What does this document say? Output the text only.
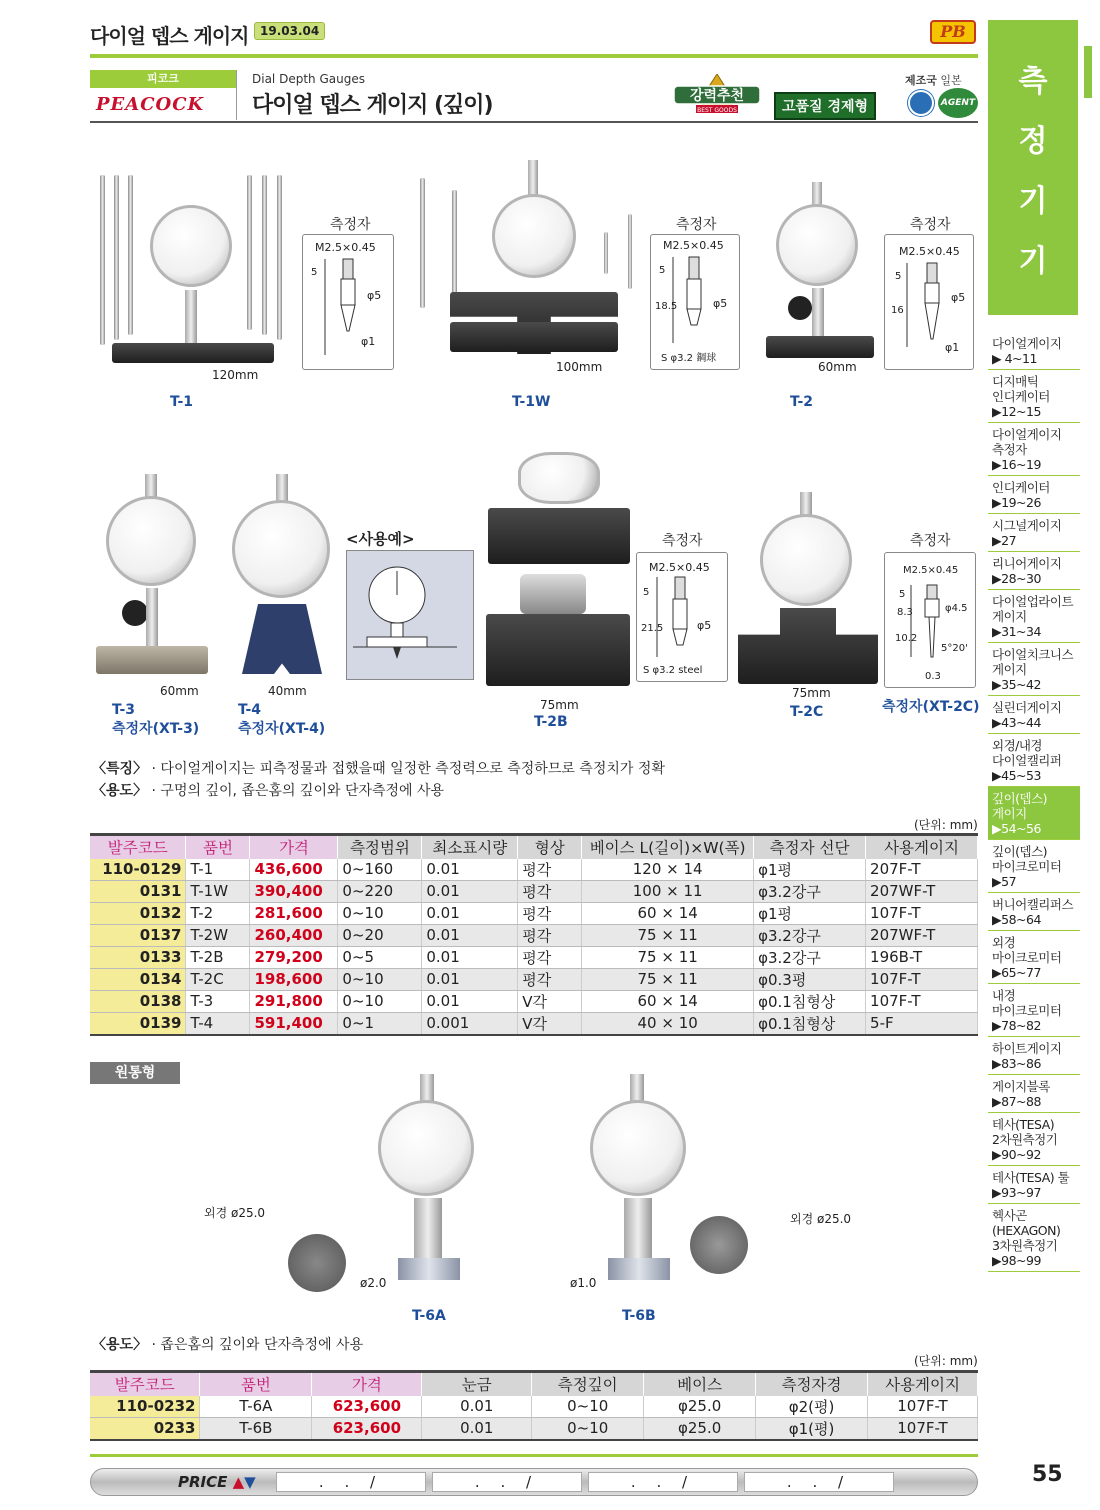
다이얼 뎁스 게이지 19.03.04	PB
피코크
PEACOCK
Dial Depth Gauges
다이얼 뎁스 게이지 (깊이)
제조국 일본
강력추천
BEST GOODS	고품질 경제형	AGENT
측
정
기
기
다이얼게이지
▶ 4~11
디지매틱
인디케이터
▶12~15
다이얼게이지
측정자
▶16~19
인디케이터
▶19~26
시그널게이지
▶27
리니어게이지
▶28~30
다이얼업라이트
게이지
▶31~34
다이얼치크니스
게이지
▶35~42
실린더게이지
▶43~44
외경/내경
다이얼캘리퍼
▶45~53
깊이(뎁스)
게이지
▶54~56
깊이(뎁스)
마이크로미터
▶57
버니어캘리퍼스
▶58~64
외경
마이크로미터
▶65~77
내경
마이크로미터
▶78~82
하이트게이지
▶83~86
게이지블록
▶87~88
테사(TESA)
2차원측정기
▶90~92
테사(TESA) 툴
▶93~97
헥사곤(HEXAGON)
3차원측정기
▶98~99
120mm
T-1
측정자
M2.5×0.45
5
φ5
φ1
100mm
T-1W
측정자
M2.5×0.45
5
18.5	φ5
S φ3.2 鋼球
60mm
T-2
측정자
M2.5×0.45
5
16
φ5
φ1
60mm
T-3
측정자(XT-3)
40mm
T-4
측정자(XT-4)
<사용예>
75mm
T-2B
측정자
M2.5×0.45
5
21.5	φ5
S φ3.2 steel
75mm
T-2C
측정자
M2.5×0.45
5
8.3
10.2
φ4.5
5°20'
0.3
측정자(XT-2C)
〈특징〉 · 다이얼게이지는 피측정물과 접했을때 일정한 측정력으로 측정하므로 측정치가 정확
〈용도〉 · 구멍의 깊이, 좁은홈의 깊이와 단자측정에 사용
(단위: mm)
발주코드	품번	가격	측정범위	최소표시량	형상	베이스 L(길이)×W(폭)	측정자 선단	사용게이지
110-0129	T-1	436,600	0~160	0.01	평각	120 × 14	φ1평	207F-T
0131	T-1W	390,400	0~220	0.01	평각	100 × 11	φ3.2강구	207WF-T
0132	T-2	281,600	0~10	0.01	평각	60 × 14	φ1평	107F-T
0137	T-2W	260,400	0~20	0.01	평각	75 × 11	φ3.2강구	207WF-T
0133	T-2B	279,200	0~5	0.01	평각	75 × 11	φ3.2강구	196B-T
0134	T-2C	198,600	0~10	0.01	평각	75 × 11	φ0.3평	107F-T
0138	T-3	291,800	0~10	0.01	V각	60 × 14	φ0.1침형상	107F-T
0139	T-4	591,400	0~1	0.001	V각	40 × 10	φ0.1침형상	5-F
원통형
외경 ø25.0
ø2.0
T-6A
외경 ø25.0
ø1.0
T-6B
〈용도〉 · 좁은홈의 깊이와 단자측정에 사용
(단위: mm)
발주코드	품번	가격	눈금	측정깊이	베이스	측정자경	사용게이지
110-0232	T-6A	623,600	0.01	0~10	φ25.0	φ2(평)	107F-T
0233	T-6B	623,600	0.01	0~10	φ25.0	φ1(평)	107F-T
PRICE ▲▼	. . /	. . /	. . /	. . /	55
